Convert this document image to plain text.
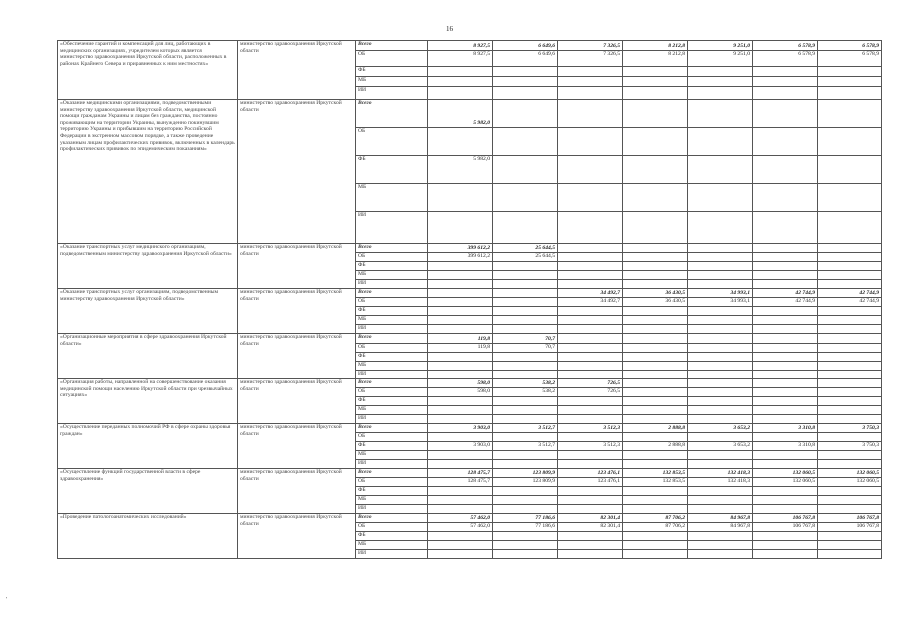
16
«Обеспечение гарантий и компенсаций для лиц, работающих в медицинских организациях, учредителем которых является министерство здравоохранения Иркутской области, расположенных в районах Крайнего Севера и приравненных к ним местностях»	министерство здравоохранения Иркутской области	Всего	8 927,5	6 649,6	7 326,5	8 212,8	9 251,0	6 578,9	6 578,9
		ОБ	8 927,5	6 649,6	7 326,5	8 212,8	9 251,0	6 578,9	6 578,9
		ФБ							
		МБ							
		ИИ							
«Оказание медицинскими организациями, подведомственными министерству здравоохранения Иркутской области, медицинской помощи гражданам Украины и лицам без гражданства, постоянно проживающим на территории Украины, вынужденно покинувшим территорию Украины и прибывшим на территорию Российской Федерации в экстренном массовом порядке, а также проведение указанным лицам профилактических прививок, включенных в календарь профилактических прививок по эпидемическим показаниям»	министерство здравоохранения Иркутской области	Всего	5 982,0						
		ОБ							
		ФБ	5 982,0						
		МБ							
		ИИ							
«Оказание транспортных услуг медицинского организациям, подведомственным министерству здравоохранения Иркутской области»	министерство здравоохранения Иркутской области	Всего	399 612,2	25 644,5					
		ОБ	399 612,2	25 644,5					
		ФБ							
		МБ							
		ИИ							
«Оказание транспортных услуг организациям, подведомственным министерству здравоохранения Иркутской области»	министерство здравоохранения Иркутской области	Всего			34 492,7	36 430,5	34 993,1	42 744,9	42 744,9
		ОБ			34 492,7	36 430,5	34 993,1	42 744,9	42 744,9
		ФБ							
		МБ							
		ИИ							
«Организационные мероприятия в сфере здравоохранения Иркутской области»	министерство здравоохранения Иркутской области	Всего	119,8	70,7					
		ОБ	119,8	70,7					
		ФБ							
		МБ							
		ИИ							
«Организация работы, направленной на совершенствование оказания медицинской помощи населению Иркутской области при чрезвычайных ситуациях»	министерство здравоохранения Иркутской области	Всего	598,0	538,2	726,5				
		ОБ	598,0	538,2	726,5				
		ФБ							
		МБ							
		ИИ							
«Осуществление переданных полномочий РФ в сфере охраны здоровья граждан»	министерство здравоохранения Иркутской области	Всего	3 903,0	3 512,7	3 512,3	2 888,8	3 653,2	3 310,8	3 750,3
		ОБ							
		ФБ	3 903,0	3 512,7	3 512,3	2 888,8	3 653,2	3 310,8	3 750,3
		МБ							
		ИИ							
«Осуществление функций государственной власти в сфере здравоохранения»	министерство здравоохранения Иркутской области	Всего	128 475,7	123 809,9	123 476,1	132 853,5	132 418,3	132 060,5	132 060,5
		ОБ	128 475,7	123 809,9	123 476,1	132 853,5	132 418,3	132 060,5	132 060,5
		ФБ							
		МБ							
		ИИ							
«Проведение патологоанатомических исследований»	министерство здравоохранения Иркутской области	Всего	57 462,0	77 186,6	82 301,4	87 706,2	84 967,8	106 767,8	106 767,8
		ОБ	57 462,0	77 186,6	82 301,4	87 706,2	84 967,8	106 767,8	106 767,8
		ФБ							
		МБ							
		ИИ							
'
